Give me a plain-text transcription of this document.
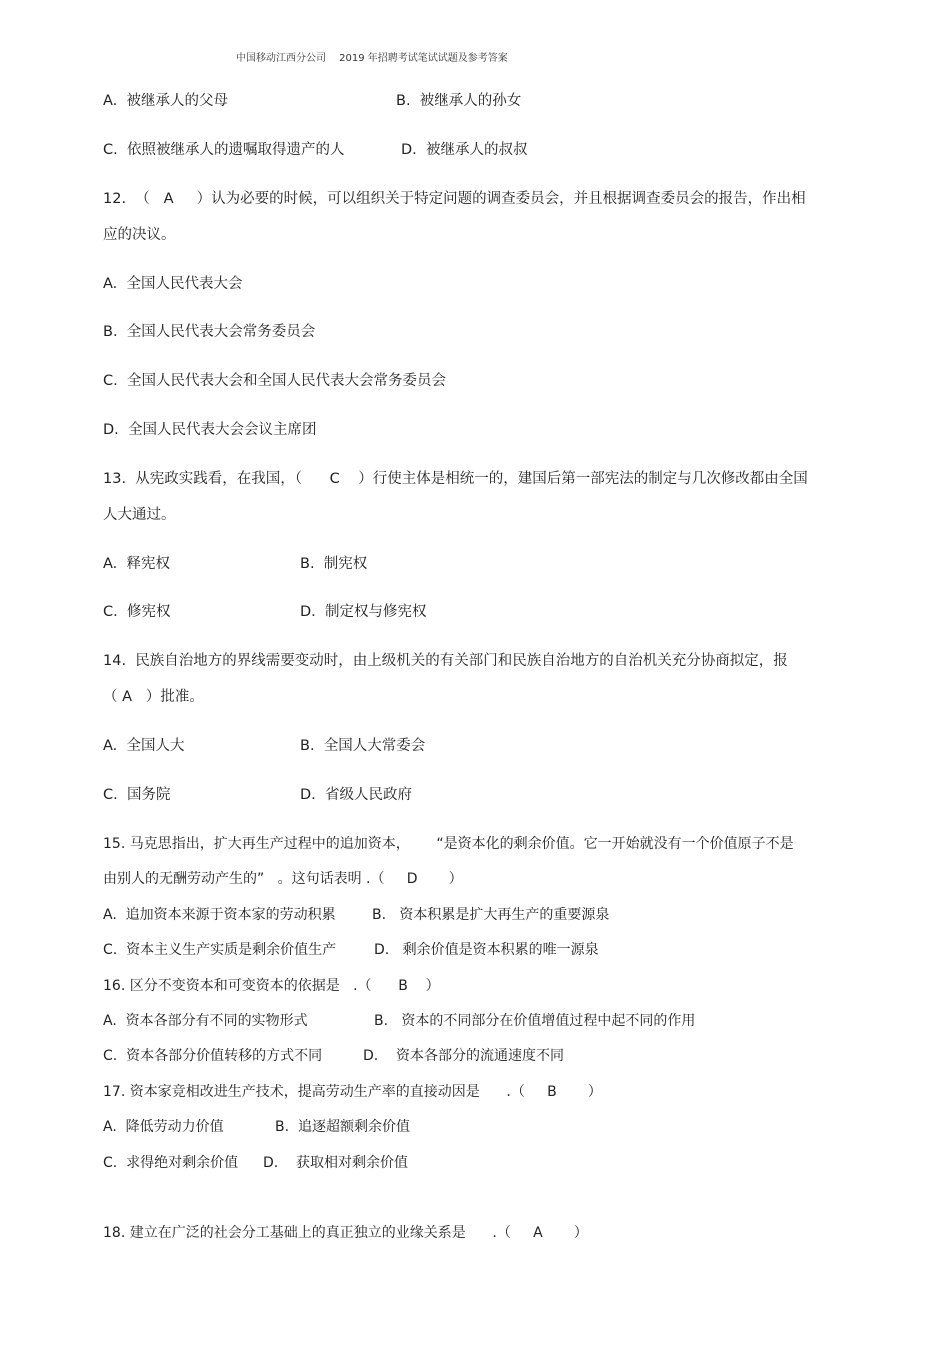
中国移动江西分公司　 2019 年招聘考试笔试试题及参考答案
A.  被继承人的父母	B.  被继承人的孙女
C.  依照被继承人的遗嘱取得遗产的人	D.  被继承人的叔叔
12.  （   A     ）认为必要的时候，可以组织关于特定问题的调查委员会，并且根据调查委员会的报告，作出相
应的决议。
A.  全国人民代表大会
B.  全国人民代表大会常务委员会
C.  全国人民代表大会和全国人民代表大会常务委员会
D.  全国人民代表大会会议主席团
13.  从宪政实践看，在我国，（      C    ）行使主体是相统一的，建国后第一部宪法的制定与几次修改都由全国
人大通过。
A.  释宪权	B.  制宪权
C.  修宪权	D.  制定权与修宪权
14.  民族自治地方的界线需要变动时，由上级机关的有关部门和民族自治地方的自治机关充分协商拟定，报
（ A   ）批准。
A.  全国人大	B.  全国人大常委会
C.  国务院	D.  省级人民政府
15. 马克思指出，扩大再生产过程中的追加资本，      “是资本化的剩余价值。它一开始就没有一个价值原子不是
由别人的无酬劳动产生的”   。这句话表明 .（     D       ）
A.  追加资本来源于资本家的劳动积累	B.   资本积累是扩大再生产的重要源泉
C.  资本主义生产实质是剩余价值生产	D.   剩余价值是资本积累的唯一源泉
16. 区分不变资本和可变资本的依据是   .（      B    ）
A.  资本各部分有不同的实物形式	B.   资本的不同部分在价值增值过程中起不同的作用
C.  资本各部分价值转移的方式不同	D.    资本各部分的流通速度不同
17. 资本家竞相改进生产技术，提高劳动生产率的直接动因是      .（     B       ）
A.  降低劳动力价值	B.  追逐超额剩余价值
C.  求得绝对剩余价值 D.    获取相对剩余价值
18. 建立在广泛的社会分工基础上的真正独立的业缘关系是      .（     A       ）
